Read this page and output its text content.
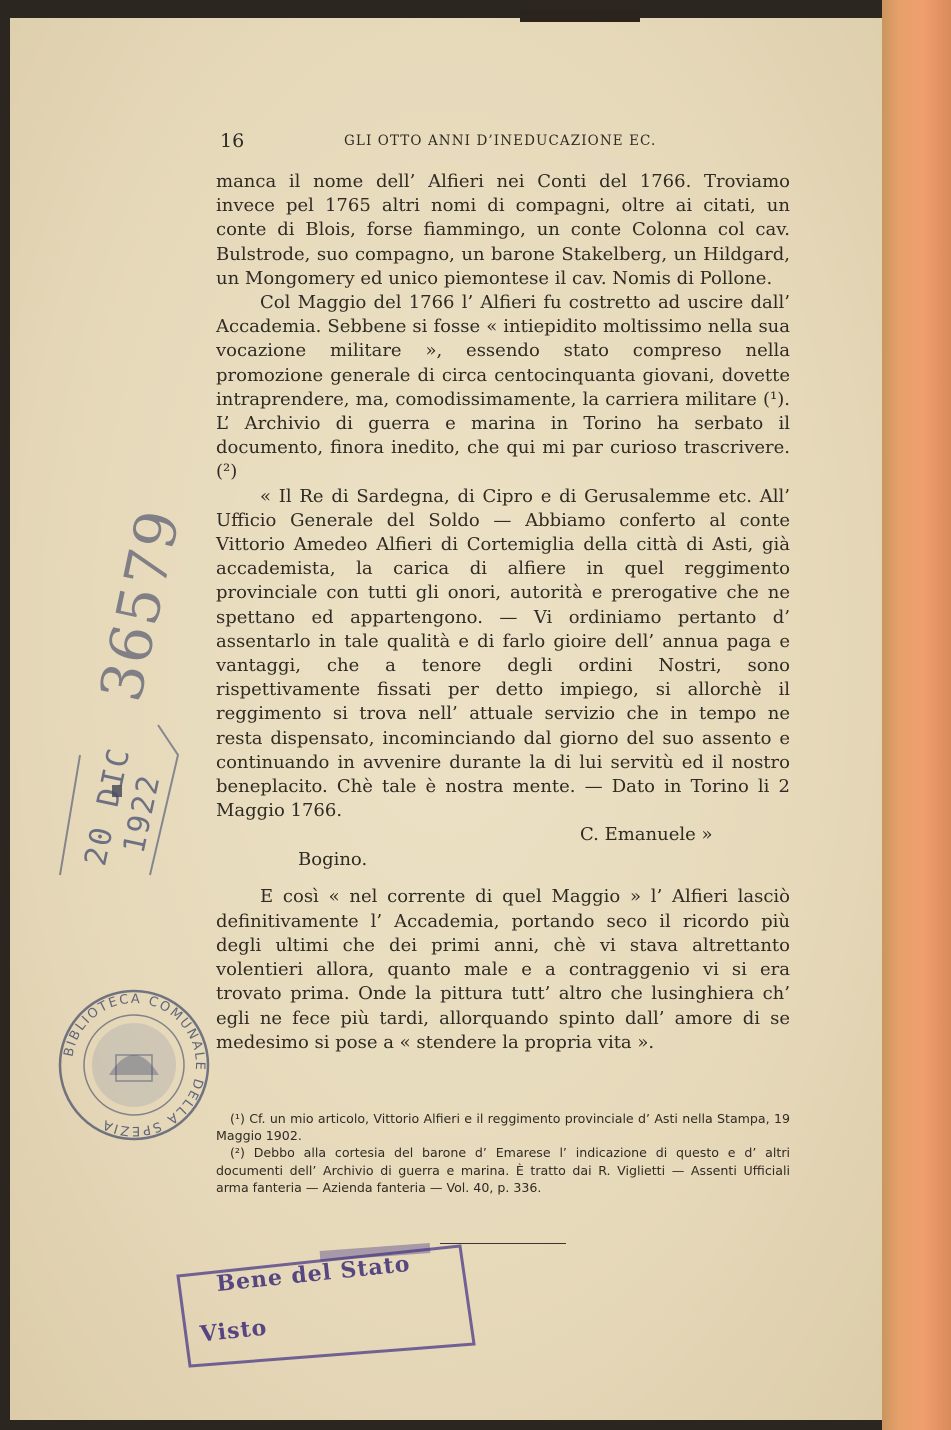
16	GLI OTTO ANNI D’INEDUCAZIONE EC.

manca il nome dell’ Alfieri nei Conti del 1766. Troviamo invece pel 1765 altri nomi di compagni, oltre ai citati, un conte di Blois, forse fiammingo, un conte Colonna col cav. Bulstrode, suo compagno, un barone Stakelberg, un Hildgard, un Mongomery ed unico piemontese il cav. Nomis di Pollone.

Col Maggio del 1766 l’ Alfieri fu costretto ad uscire dall’ Accademia. Sebbene si fosse « intiepidito moltissimo nella sua vocazione militare », essendo stato compreso nella promozione generale di circa centocinquanta giovani, dovette intraprendere, ma, comodissimamente, la carriera militare (¹). L’ Archivio di guerra e marina in Torino ha serbato il documento, finora inedito, che qui mi par curioso trascrivere. (²)

« Il Re di Sardegna, di Cipro e di Gerusalemme etc. All’ Ufficio Generale del Soldo — Abbiamo conferto al conte Vittorio Amedeo Alfieri di Cortemiglia della città di Asti, già accademista, la carica di alfiere in quel reggimento provinciale con tutti gli onori, autorità e prerogative che ne spettano ed appartengono. — Vi ordiniamo pertanto d’ assentarlo in tale qualità e di farlo gioire dell’ annua paga e vantaggi, che a tenore degli ordini Nostri, sono rispettivamente fissati per detto impiego, si allorchè il reggimento si trova nell’ attuale servizio che in tempo ne resta dispensato, incominciando dal giorno del suo assento e continuando in avvenire durante la di lui servitù ed il nostro beneplacito. Chè tale è nostra mente. — Dato in Torino li 2 Maggio 1766.

C. Emanuele »
Bogino.

E così « nel corrente di quel Maggio » l’ Alfieri lasciò definitivamente l’ Accademia, portando seco il ricordo più degli ultimi che dei primi anni, chè vi stava altrettanto volentieri allora, quanto male e a contraggenio vi si era trovato prima. Onde la pittura tutt’ altro che lusinghiera ch’ egli ne fece più tardi, allorquando spinto dall’ amore di se medesimo si pose a « stendere la propria vita ».

(¹) Cf. un mio articolo, Vittorio Alfieri e il reggimento provinciale d’ Asti nella Stampa, 19 Maggio 1902.

(²) Debbo alla cortesia del barone d’ Emarese l’ indicazione di questo e d’ altri documenti dell’ Archivio di guerra e marina. È tratto dai R. Viglietti — Assenti Ufficiali arma fanteria — Azienda fanteria — Vol. 40, p. 336.

36579
20 DIC 1922
BIBLIOTECA COMUNALE DELLA SPEZIA
Bene del Stato
Visto
